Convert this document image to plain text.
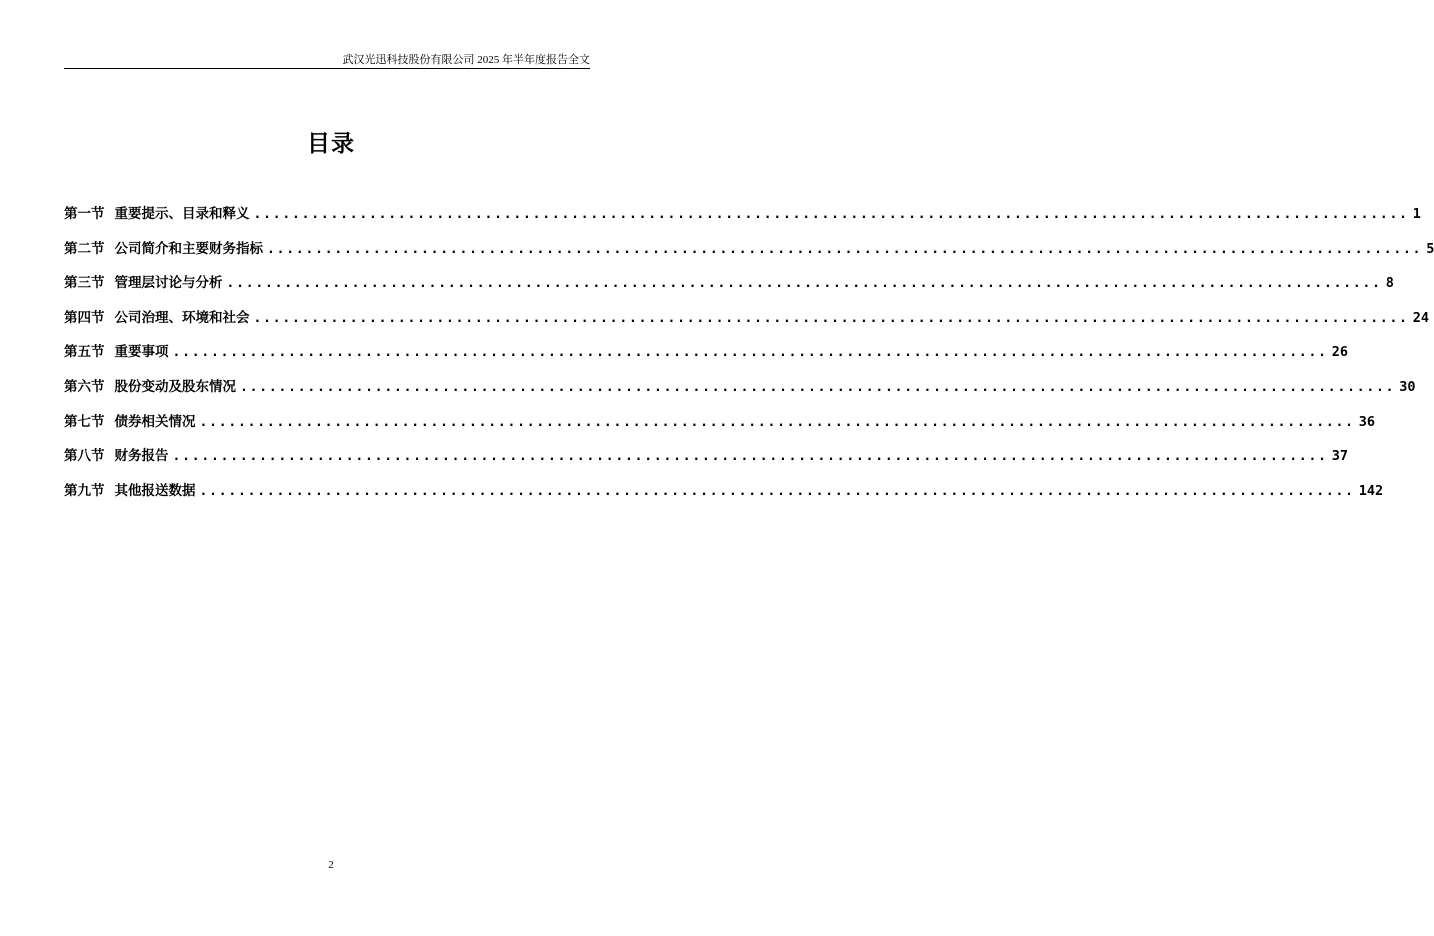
武汉光迅科技股份有限公司 2025 年半年度报告全文
目录
第一节 重要提示、目录和释义 ........................................................................................................................ 1
第二节 公司简介和主要财务指标 ........................................................................................................................ 5
第三节 管理层讨论与分析 ........................................................................................................................ 8
第四节 公司治理、环境和社会 ........................................................................................................................ 24
第五节 重要事项 ........................................................................................................................ 26
第六节 股份变动及股东情况 ........................................................................................................................ 30
第七节 债券相关情况 ........................................................................................................................ 36
第八节 财务报告 ........................................................................................................................ 37
第九节 其他报送数据 ........................................................................................................................ 142
2
